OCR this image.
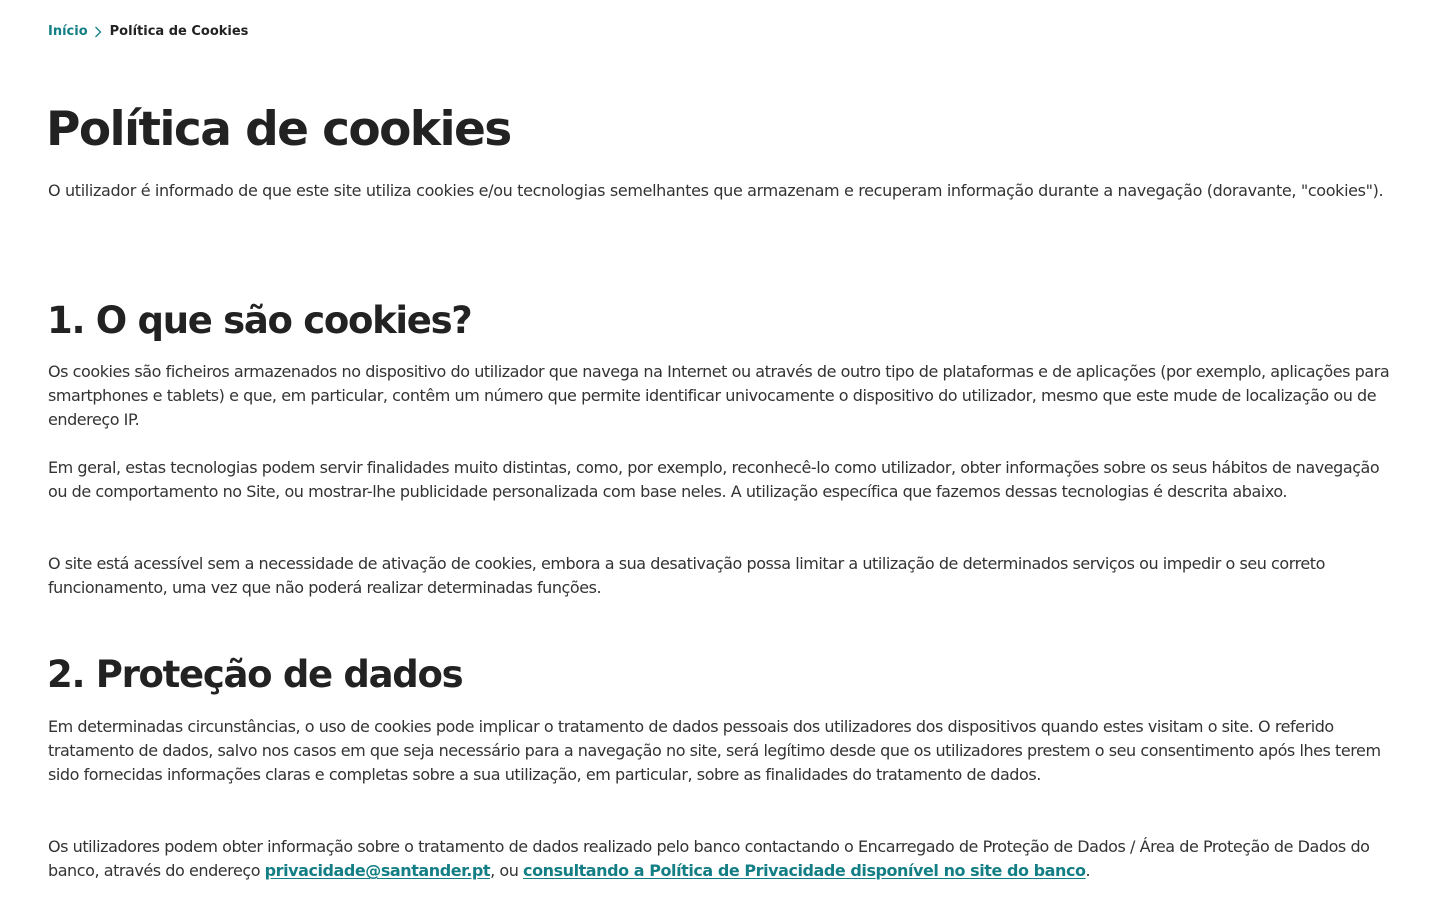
Início Política de Cookies
Política de cookies

O utilizador é informado de que este site utiliza cookies e/ou tecnologias semelhantes que armazenam e recuperam informação durante a navegação (doravante, "cookies").

1. O que são cookies?

Os cookies são ficheiros armazenados no dispositivo do utilizador que navega na Internet ou através de outro tipo de plataformas e de aplicações (por exemplo, aplicações para smartphones e tablets) e que, em particular, contêm um número que permite identificar univocamente o dispositivo do utilizador, mesmo que este mude de localização ou de endereço IP.

Em geral, estas tecnologias podem servir finalidades muito distintas, como, por exemplo, reconhecê-lo como utilizador, obter informações sobre os seus hábitos de navegação ou de comportamento no Site, ou mostrar-lhe publicidade personalizada com base neles. A utilização específica que fazemos dessas tecnologias é descrita abaixo.

O site está acessível sem a necessidade de ativação de cookies, embora a sua desativação possa limitar a utilização de determinados serviços ou impedir o seu correto funcionamento, uma vez que não poderá realizar determinadas funções.

2. Proteção de dados

Em determinadas circunstâncias, o uso de cookies pode implicar o tratamento de dados pessoais dos utilizadores dos dispositivos quando estes visitam o site. O referido tratamento de dados, salvo nos casos em que seja necessário para a navegação no site, será legítimo desde que os utilizadores prestem o seu consentimento após lhes terem sido fornecidas informações claras e completas sobre a sua utilização, em particular, sobre as finalidades do tratamento de dados.

Os utilizadores podem obter informação sobre o tratamento de dados realizado pelo banco contactando o Encarregado de Proteção de Dados / Área de Proteção de Dados do banco, através do endereço privacidade@santander.pt, ou consultando a Política de Privacidade disponível no site do banco.
